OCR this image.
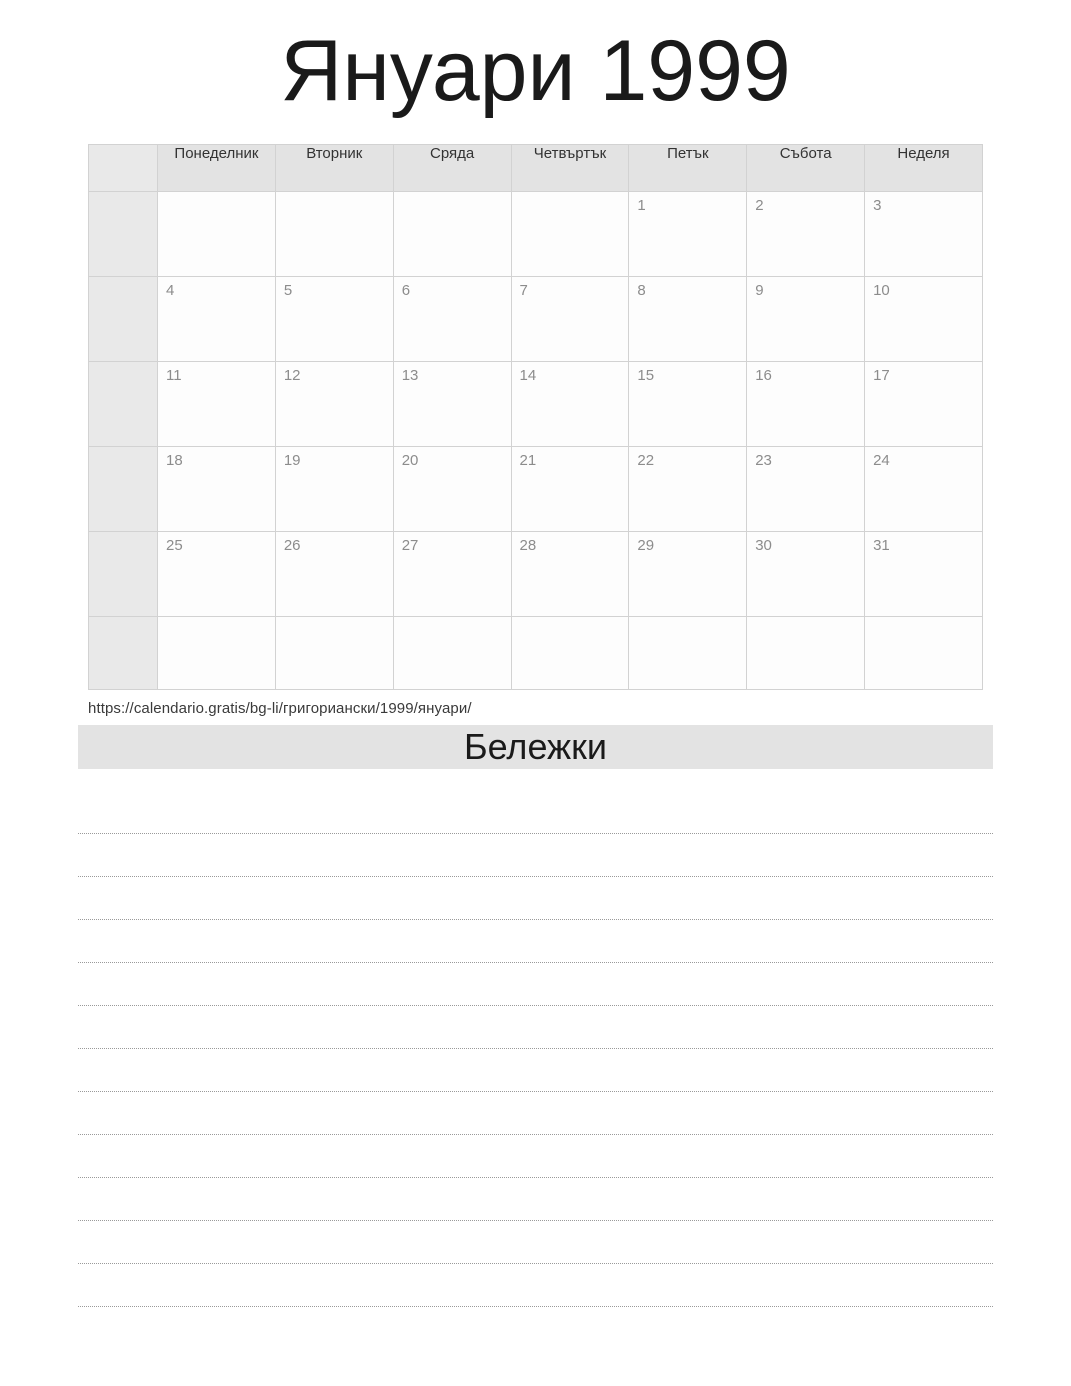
Януари 1999
	Понеделник	Вторник	Сряда	Четвъртък	Петък	Събота	Неделя

					1	2	3

	4	5	6	7	8	9	10

	11	12	13	14	15	16	17

	18	19	20	21	22	23	24

	25	26	27	28	29	30	31

https://calendario.gratis/bg-li/григориански/1999/януари/
Бележки
